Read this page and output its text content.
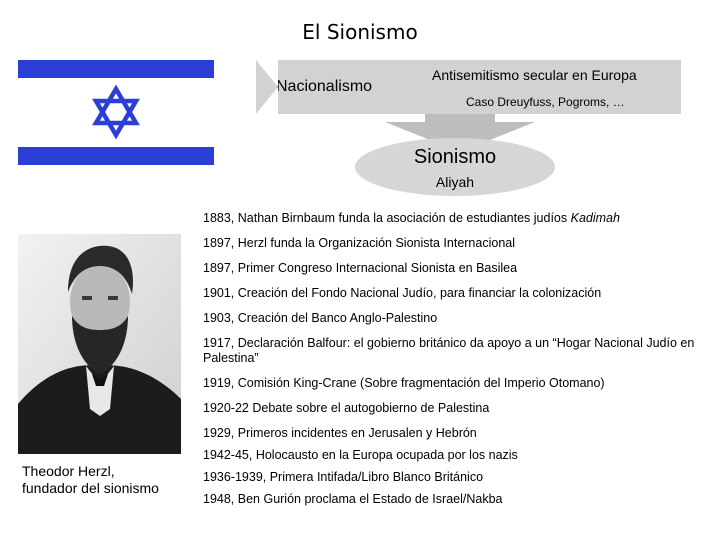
El Sionismo
Nacionalismo
Antisemitismo secular en Europa
Caso Dreuyfuss, Pogroms, …
Sionismo
Aliyah
Theodor Herzl,
fundador del sionismo

1883, Nathan Birnbaum funda la asociación de estudiantes judíos Kadimah

1897, Herzl funda la Organización Sionista Internacional

1897, Primer Congreso Internacional Sionista en Basilea

1901, Creación del Fondo Nacional Judío, para financiar la colonización

1903, Creación del Banco Anglo-Palestino

1917, Declaración Balfour: el gobierno británico da apoyo a un “Hogar Nacional Judío en Palestina”

1919, Comisión King-Crane (Sobre fragmentación del Imperio Otomano)

1920-22 Debate sobre el autogobierno de Palestina

1929, Primeros incidentes en Jerusalen y Hebrón

1942-45, Holocausto en la Europa ocupada por los nazis

1936-1939, Primera Intifada/Libro Blanco Británico

1948, Ben Gurión proclama el Estado de Israel/Nakba
